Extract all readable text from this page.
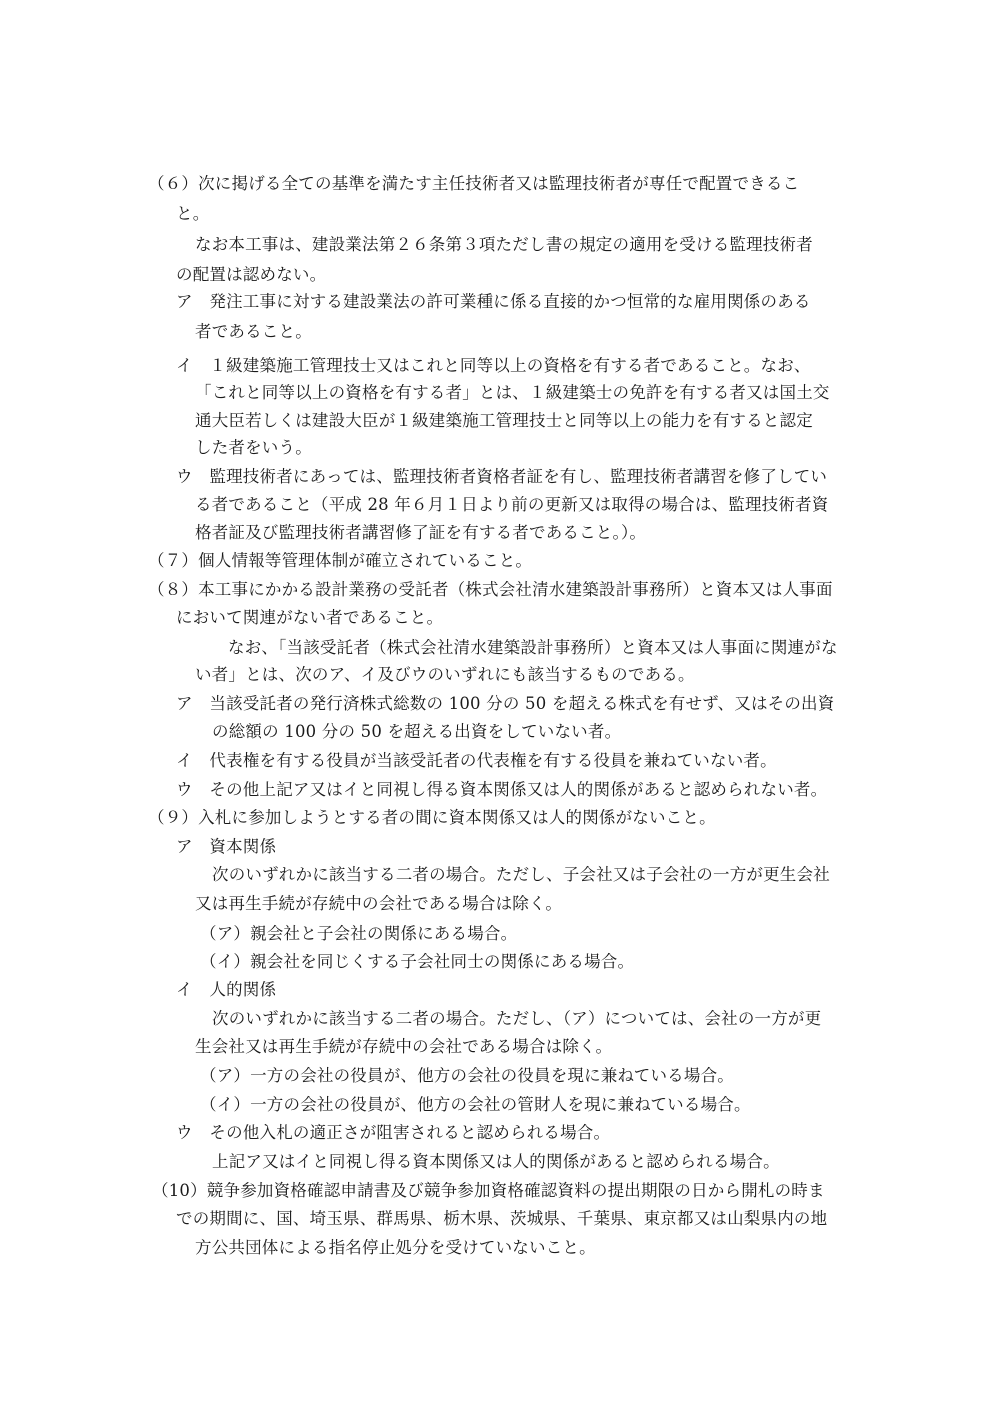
（６）次に掲げる全ての基準を満たす主任技術者又は監理技術者が専任で配置できるこ
と。
なお本工事は、建設業法第２６条第３項ただし書の規定の適用を受ける監理技術者
の配置は認めない。
ア　発注工事に対する建設業法の許可業種に係る直接的かつ恒常的な雇用関係のある
者であること。
イ　１級建築施工管理技士又はこれと同等以上の資格を有する者であること。なお、
「これと同等以上の資格を有する者」とは、１級建築士の免許を有する者又は国土交
通大臣若しくは建設大臣が１級建築施工管理技士と同等以上の能力を有すると認定
した者をいう。
ウ　監理技術者にあっては、監理技術者資格者証を有し、監理技術者講習を修了してい
る者であること（平成 28 年６月１日より前の更新又は取得の場合は、監理技術者資
格者証及び監理技術者講習修了証を有する者であること。）。
（７）個人情報等管理体制が確立されていること。
（８）本工事にかかる設計業務の受託者（株式会社清水建築設計事務所）と資本又は人事面
において関連がない者であること。
なお、「当該受託者（株式会社清水建築設計事務所）と資本又は人事面に関連がな
い者」とは、次のア、イ及びウのいずれにも該当するものである。
ア　当該受託者の発行済株式総数の 100 分の 50 を超える株式を有せず、又はその出資
の総額の 100 分の 50 を超える出資をしていない者。
イ　代表権を有する役員が当該受託者の代表権を有する役員を兼ねていない者。
ウ　その他上記ア又はイと同視し得る資本関係又は人的関係があると認められない者。
（９）入札に参加しようとする者の間に資本関係又は人的関係がないこと。
ア　資本関係
次のいずれかに該当する二者の場合。ただし、子会社又は子会社の一方が更生会社
又は再生手続が存続中の会社である場合は除く。
（ア）親会社と子会社の関係にある場合。
（イ）親会社を同じくする子会社同士の関係にある場合。
イ　人的関係
次のいずれかに該当する二者の場合。ただし、（ア）については、会社の一方が更
生会社又は再生手続が存続中の会社である場合は除く。
（ア）一方の会社の役員が、他方の会社の役員を現に兼ねている場合。
（イ）一方の会社の役員が、他方の会社の管財人を現に兼ねている場合。
ウ　その他入札の適正さが阻害されると認められる場合。
上記ア又はイと同視し得る資本関係又は人的関係があると認められる場合。
（10）競争参加資格確認申請書及び競争参加資格確認資料の提出期限の日から開札の時ま
での期間に、国、埼玉県、群馬県、栃木県、茨城県、千葉県、東京都又は山梨県内の地
方公共団体による指名停止処分を受けていないこと。
